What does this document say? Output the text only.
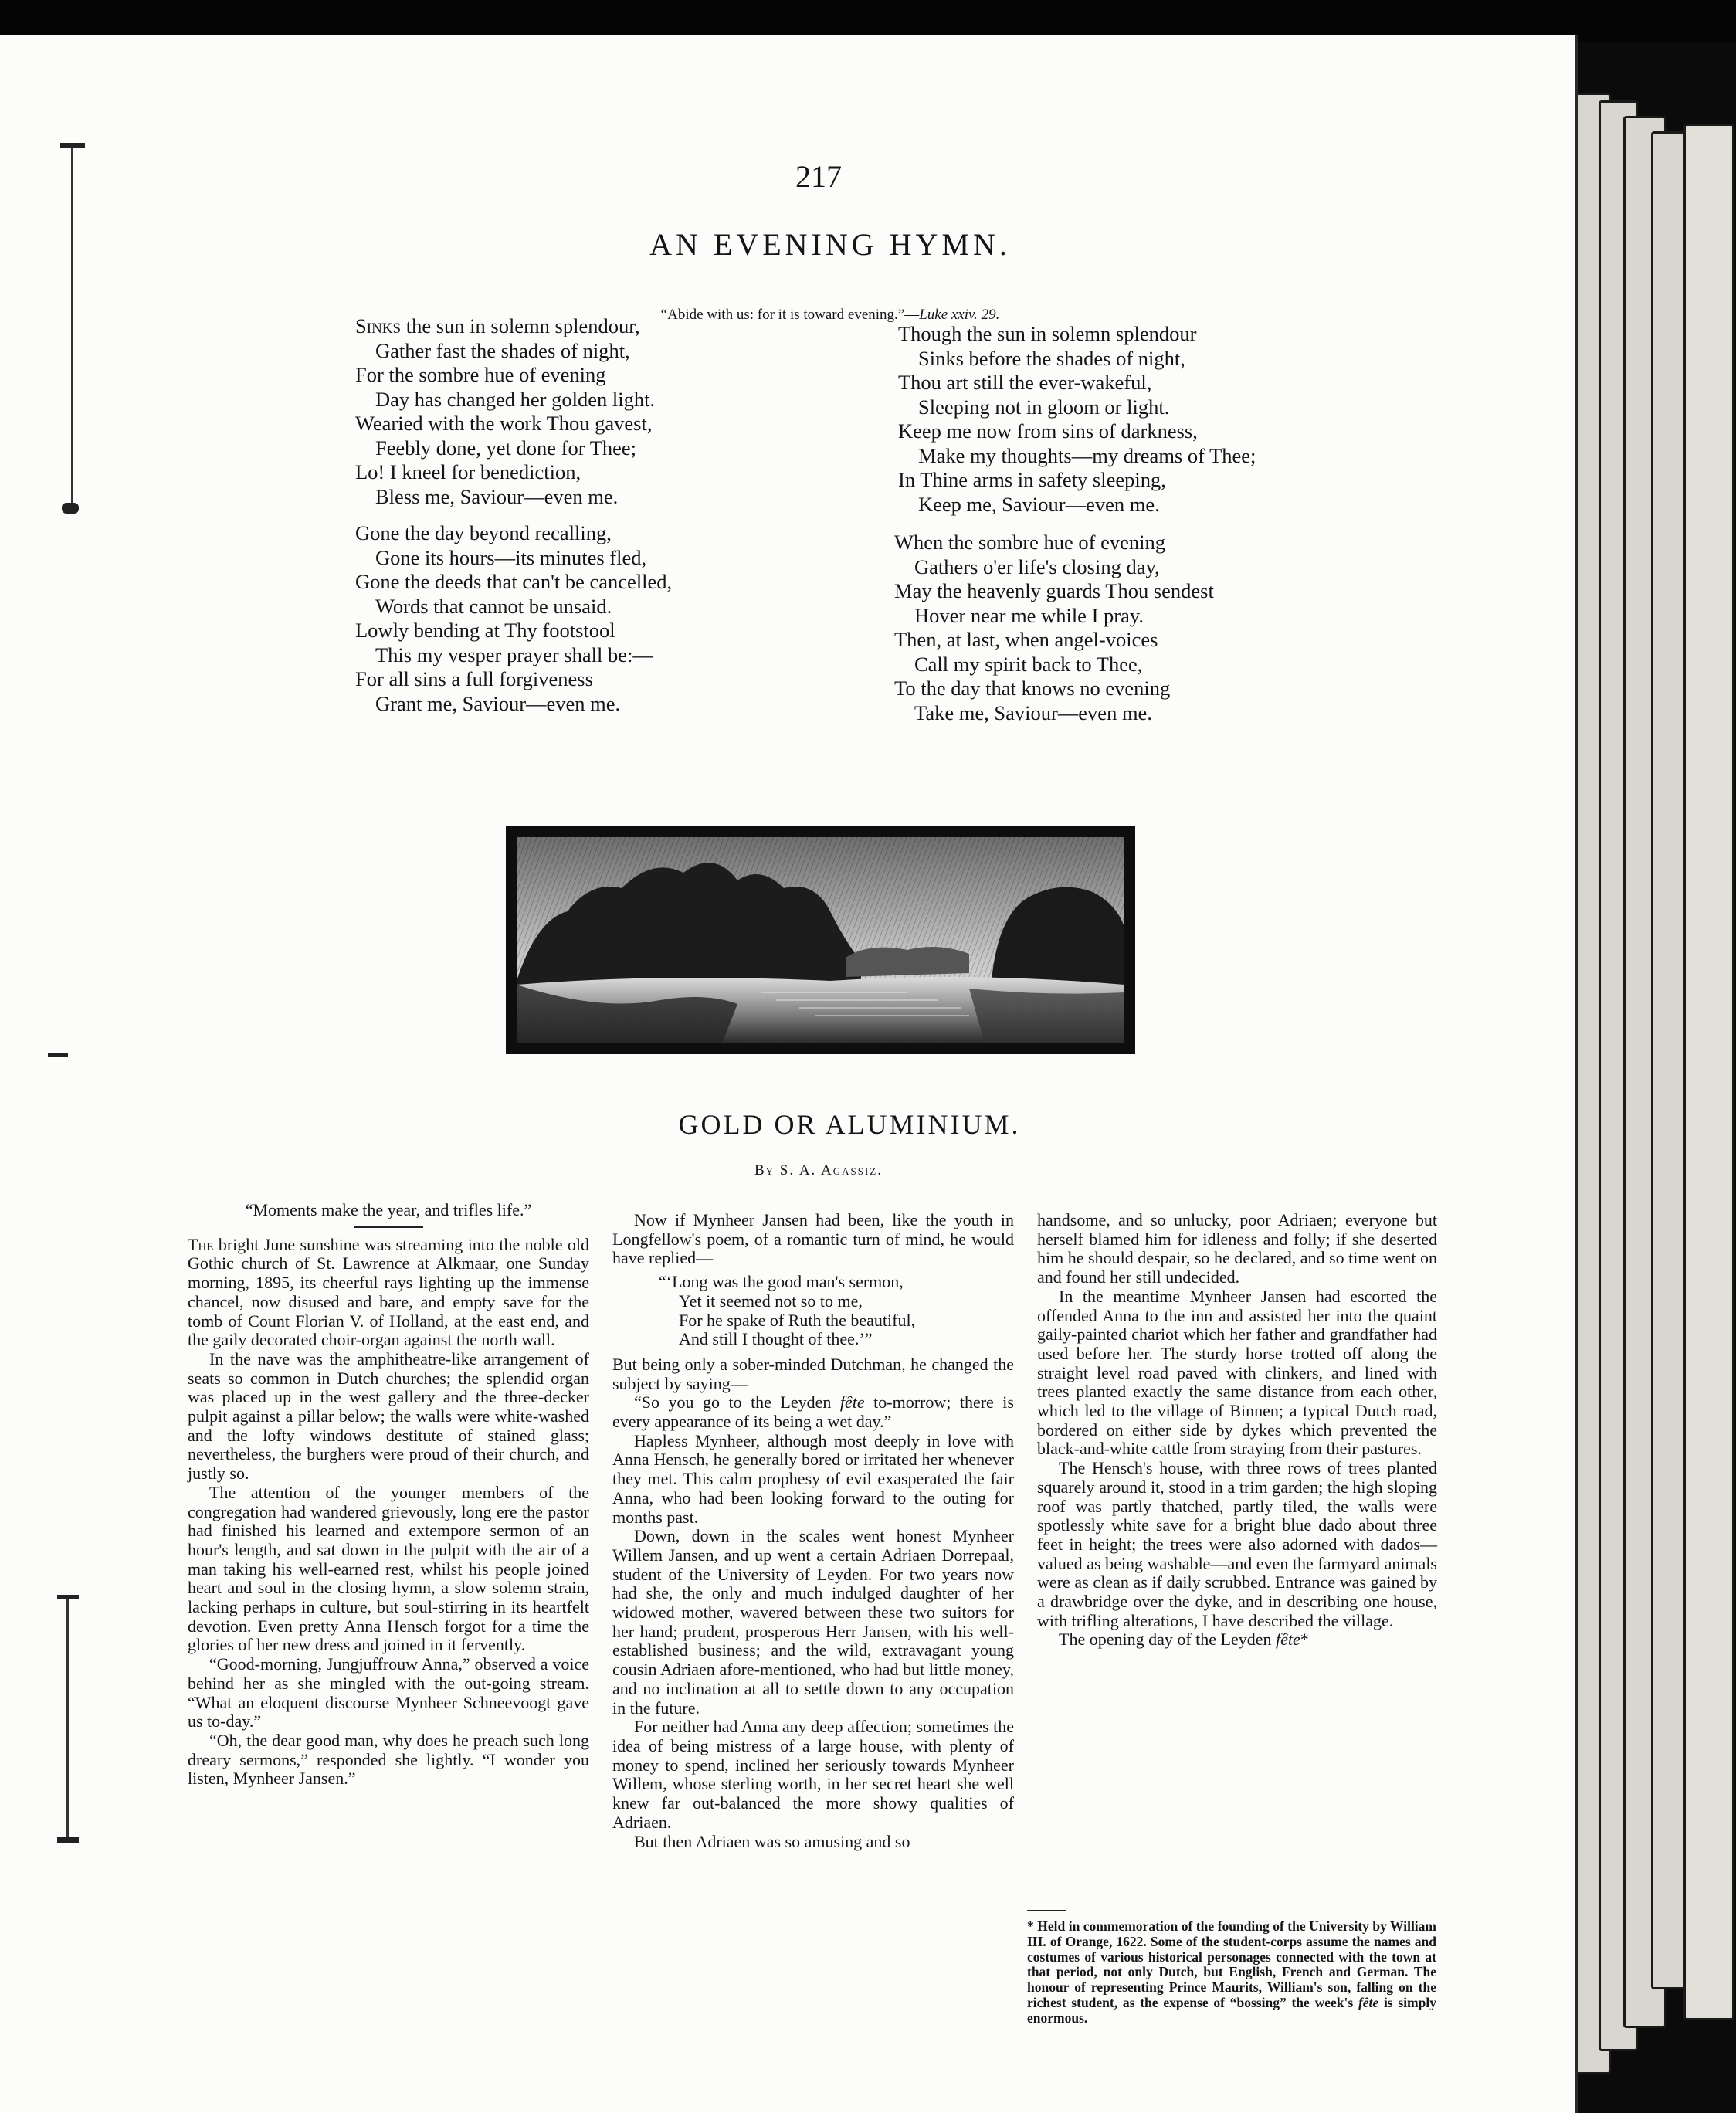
217
AN EVENING HYMN.
“Abide with us: for it is toward evening.”—Luke xxiv. 29.
Sinks the sun in solemn splendour,
Gather fast the shades of night,
For the sombre hue of evening
Day has changed her golden light.
Wearied with the work Thou gavest,
Feebly done, yet done for Thee;
Lo! I kneel for benediction,
Bless me, Saviour—even me.
Gone the day beyond recalling,
Gone its hours—its minutes fled,
Gone the deeds that can't be cancelled,
Words that cannot be unsaid.
Lowly bending at Thy footstool
This my vesper prayer shall be:—
For all sins a full forgiveness
Grant me, Saviour—even me.
Though the sun in solemn splendour
Sinks before the shades of night,
Thou art still the ever-wakeful,
Sleeping not in gloom or light.
Keep me now from sins of darkness,
Make my thoughts—my dreams of Thee;
In Thine arms in safety sleeping,
Keep me, Saviour—even me.
When the sombre hue of evening
Gathers o'er life's closing day,
May the heavenly guards Thou sendest
Hover near me while I pray.
Then, at last, when angel-voices
Call my spirit back to Thee,
To the day that knows no evening
Take me, Saviour—even me.
GOLD OR ALUMINIUM.
By S. A. Agassiz.
“Moments make the year, and trifles life.”

The bright June sunshine was streaming into the noble old Gothic church of St. Lawrence at Alkmaar, one Sunday morning, 1895, its cheerful rays lighting up the immense chancel, now disused and bare, and empty save for the tomb of Count Florian V. of Holland, at the east end, and the gaily decorated choir-organ against the north wall.

In the nave was the amphitheatre-like arrangement of seats so common in Dutch churches; the splendid organ was placed up in the west gallery and the three-decker pulpit against a pillar below; the walls were white-washed and the lofty windows destitute of stained glass; nevertheless, the burghers were proud of their church, and justly so.

The attention of the younger members of the congregation had wandered grievously, long ere the pastor had finished his learned and extempore sermon of an hour's length, and sat down in the pulpit with the air of a man taking his well-earned rest, whilst his people joined heart and soul in the closing hymn, a slow solemn strain, lacking perhaps in culture, but soul-stirring in its heartfelt devotion. Even pretty Anna Hensch forgot for a time the glories of her new dress and joined in it fervently.

“Good-morning, Jungjuffrouw Anna,” observed a voice behind her as she mingled with the out-going stream. “What an eloquent discourse Mynheer Schneevoogt gave us to-day.”

“Oh, the dear good man, why does he preach such long dreary sermons,” responded she lightly. “I wonder you listen, Mynheer Jansen.”

Now if Mynheer Jansen had been, like the youth in Longfellow's poem, of a romantic turn of mind, he would have replied—

“‘Long was the good man's sermon,
Yet it seemed not so to me,
For he spake of Ruth the beautiful,
And still I thought of thee.’”

But being only a sober-minded Dutchman, he changed the subject by saying—

“So you go to the Leyden fête to-morrow; there is every appearance of its being a wet day.”

Hapless Mynheer, although most deeply in love with Anna Hensch, he generally bored or irritated her whenever they met. This calm prophesy of evil exasperated the fair Anna, who had been looking forward to the outing for months past.

Down, down in the scales went honest Mynheer Willem Jansen, and up went a certain Adriaen Dorrepaal, student of the University of Leyden. For two years now had she, the only and much indulged daughter of her widowed mother, wavered between these two suitors for her hand; prudent, prosperous Herr Jansen, with his well-established business; and the wild, extravagant young cousin Adriaen afore-mentioned, who had but little money, and no inclination at all to settle down to any occupation in the future.

For neither had Anna any deep affection; sometimes the idea of being mistress of a large house, with plenty of money to spend, inclined her seriously towards Mynheer Willem, whose sterling worth, in her secret heart she well knew far out-balanced the more showy qualities of Adriaen.

But then Adriaen was so amusing and so

handsome, and so unlucky, poor Adriaen; everyone but herself blamed him for idleness and folly; if she deserted him he should despair, so he declared, and so time went on and found her still undecided.

In the meantime Mynheer Jansen had escorted the offended Anna to the inn and assisted her into the quaint gaily-painted chariot which her father and grandfather had used before her. The sturdy horse trotted off along the straight level road paved with clinkers, and lined with trees planted exactly the same distance from each other, which led to the village of Binnen; a typical Dutch road, bordered on either side by dykes which prevented the black-and-white cattle from straying from their pastures.

The Hensch's house, with three rows of trees planted squarely around it, stood in a trim garden; the high sloping roof was partly thatched, partly tiled, the walls were spotlessly white save for a bright blue dado about three feet in height; the trees were also adorned with dados—valued as being washable—and even the farmyard animals were as clean as if daily scrubbed. Entrance was gained by a drawbridge over the dyke, and in describing one house, with trifling alterations, I have described the village.

The opening day of the Leyden fête*

* Held in commemoration of the founding of the University by William III. of Orange, 1622. Some of the student-corps assume the names and costumes of various historical personages connected with the town at that period, not only Dutch, but English, French and German. The honour of representing Prince Maurits, William's son, falling on the richest student, as the expense of “bossing” the week's fête is simply enormous.
